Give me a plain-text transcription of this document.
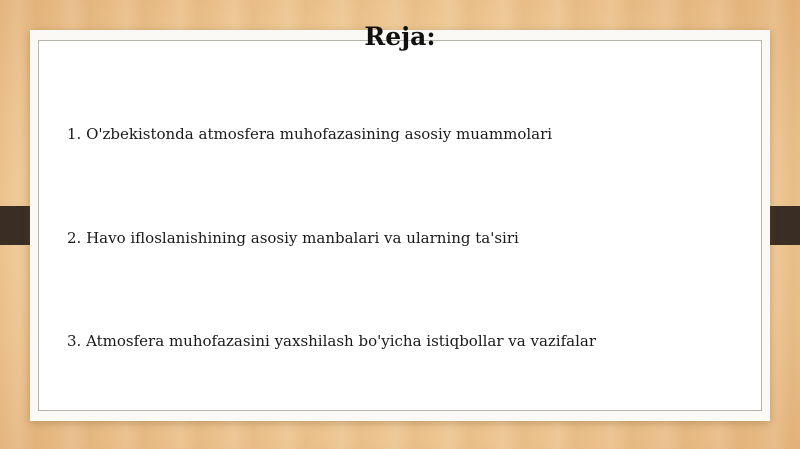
Reja:
1. O'zbekistonda atmosfera muhofazasining asosiy muammolari
2. Havo ifloslanishining asosiy manbalari va ularning ta'siri
3. Atmosfera muhofazasini yaxshilash bo'yicha istiqbollar va vazifalar
